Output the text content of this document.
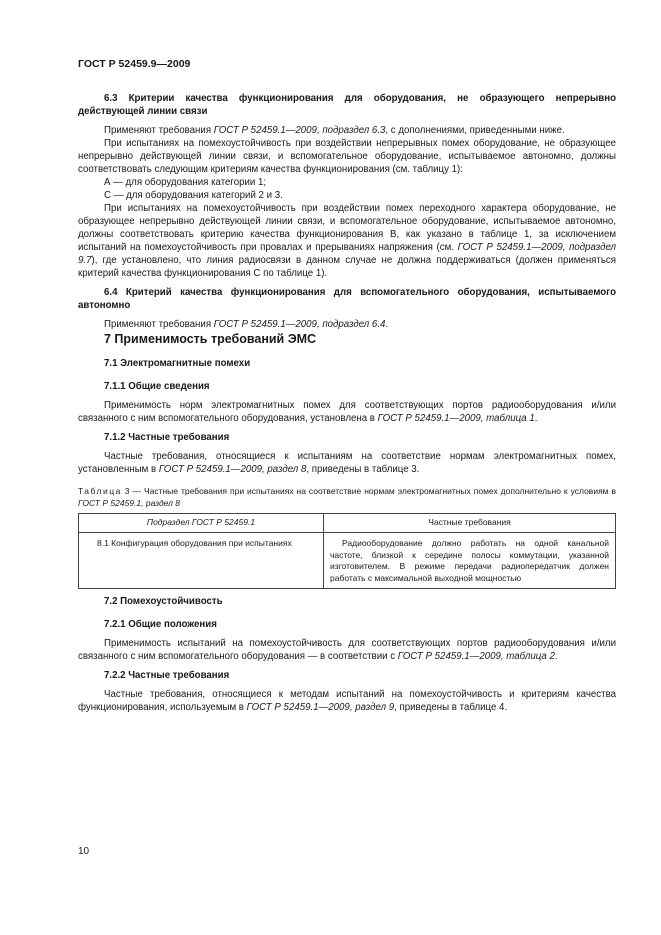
ГОСТ Р 52459.9—2009

6.3 Критерии качества функционирования для оборудования, не образующего непрерывно действующей линии связи

Применяют требования ГОСТ Р 52459.1—2009, подраздел 6.3, с дополнениями, приведенными ниже.

При испытаниях на помехоустойчивость при воздействии непрерывных помех оборудование, не образующее непрерывно действующей линии связи, и вспомогательное оборудование, испытываемое автономно, должны соответствовать следующим критериям качества функционирования (см. таблицу 1):

А — для оборудования категории 1;

С — для оборудования категорий 2 и 3.

При испытаниях на помехоустойчивость при воздействии помех переходного характера оборудование, не образующее непрерывно действующей линии связи, и вспомогательное оборудование, испытываемое автономно, должны соответствовать критерию качества функционирования В, как указано в таблице 1, за исключением испытаний на помехоустойчивость при провалах и прерываниях напряжения (см. ГОСТ Р 52459.1—2009, подраздел 9.7), где установлено, что линия радиосвязи в данном случае не должна поддерживаться (должен применяться критерий качества функционирования С по таблице 1).

6.4 Критерий качества функционирования для вспомогательного оборудования, испытываемого автономно

Применяют требования ГОСТ Р 52459.1—2009, подраздел 6.4.

7 Применимость требований ЭМС

7.1 Электромагнитные помехи

7.1.1 Общие сведения

Применимость норм электромагнитных помех для соответствующих портов радиооборудования и/или связанного с ним вспомогательного оборудования, установлена в ГОСТ Р 52459.1—2009, таблица 1.

7.1.2 Частные требования

Частные требования, относящиеся к испытаниям на соответствие нормам электромагнитных помех, установленным в ГОСТ Р 52459.1—2009, раздел 8, приведены в таблице 3.

Таблица 3 — Частные требования при испытаниях на соответствие нормам электромагнитных помех дополнительно к условиям в ГОСТ Р 52459.1, раздел 8

Подраздел ГОСТ Р 52459.1	Частные требования

8.1 Конфигурация оборудования при испытаниях	Радиооборудование должно работать на одной канальной частоте, близкой к середине полосы коммутации, указанной изготовителем. В режиме передачи радиопередатчик должен работать с максимальной выходной мощностью

7.2 Помехоустойчивость

7.2.1 Общие положения

Применимость испытаний на помехоустойчивость для соответствующих портов радиооборудования и/или связанного с ним вспомогательного оборудования — в соответствии с ГОСТ Р 52459.1—2009, таблица 2.

7.2.2 Частные требования

Частные требования, относящиеся к методам испытаний на помехоустойчивость и критериям качества функционирования, используемым в ГОСТ Р 52459.1—2009, раздел 9, приведены в таблице 4.

10
